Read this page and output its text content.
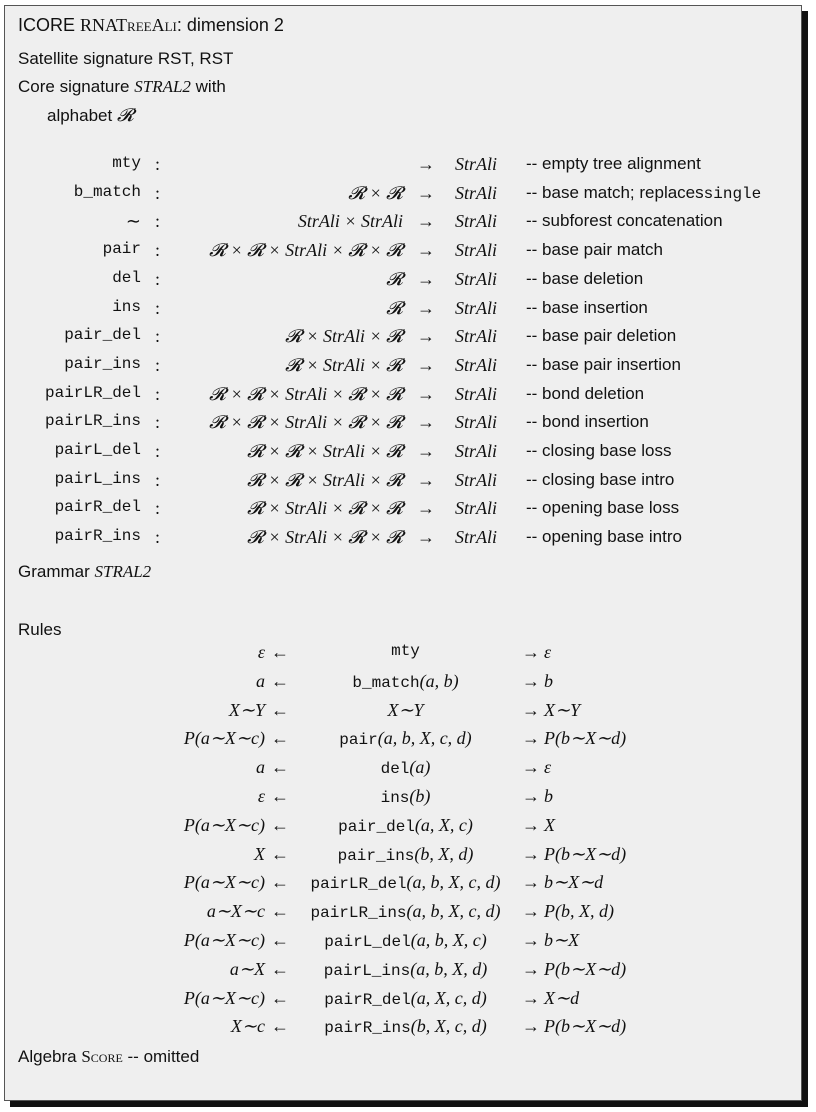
ICORE RNATreeAli: dimension 2
Satellite signature RST, RST
Core signature STRAL2 with
alphabet 𝓡
mty :	→ StrAli -- empty tree alignment
b_match :	𝓡 × 𝓡 → StrAli -- base match; replacessingle
∼ :	StrAli × StrAli → StrAli -- subforest concatenation
pair :	𝓡 × 𝓡 × StrAli × 𝓡 × 𝓡 → StrAli -- base pair match
del :	𝓡 → StrAli -- base deletion
ins :	𝓡 → StrAli -- base insertion
pair_del :	𝓡 × StrAli × 𝓡 → StrAli -- base pair deletion
pair_ins :	𝓡 × StrAli × 𝓡 → StrAli -- base pair insertion
pairLR_del :	𝓡 × 𝓡 × StrAli × 𝓡 × 𝓡 → StrAli -- bond deletion
pairLR_ins :	𝓡 × 𝓡 × StrAli × 𝓡 × 𝓡 → StrAli -- bond insertion
pairL_del :	𝓡 × 𝓡 × StrAli × 𝓡 → StrAli -- closing base loss
pairL_ins :	𝓡 × 𝓡 × StrAli × 𝓡 → StrAli -- closing base intro
pairR_del :	𝓡 × StrAli × 𝓡 × 𝓡 → StrAli -- opening base loss
pairR_ins :	𝓡 × StrAli × 𝓡 × 𝓡 → StrAli -- opening base intro
Grammar STRAL2
Rules
ε ←	mty	→ ε
a ←	b_match(a, b)	→ b
X∼Y ←	X∼Y	→ X∼Y
P(a∼X∼c) ←	pair(a, b, X, c, d)	→ P(b∼X∼d)
a ←	del(a)	→ ε
ε ←	ins(b)	→ b
P(a∼X∼c) ←	pair_del(a, X, c)	→ X
X ←	pair_ins(b, X, d)	→ P(b∼X∼d)
P(a∼X∼c) ←	pairLR_del(a, b, X, c, d)	→ b∼X∼d
a∼X∼c ←	pairLR_ins(a, b, X, c, d)	→ P(b, X, d)
P(a∼X∼c) ←	pairL_del(a, b, X, c)	→ b∼X
a∼X ←	pairL_ins(a, b, X, d)	→ P(b∼X∼d)
P(a∼X∼c) ←	pairR_del(a, X, c, d)	→ X∼d
X∼c ←	pairR_ins(b, X, c, d)	→ P(b∼X∼d)
Algebra Score -- omitted
